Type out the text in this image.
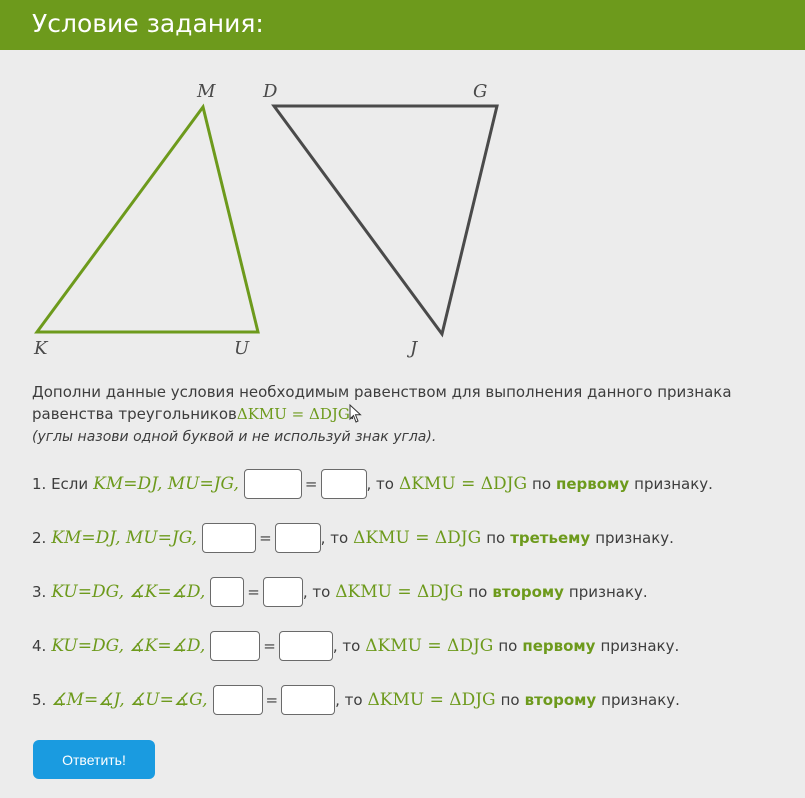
Условие задания:
M
K	U
D	G
J
Дополни данные условия необходимым равенством для выполнения данного признака равенства треугольниковΔKMU = ΔDJG
(углы назови одной буквой и не используй знак угла).
1. Если KM=DJ, MU=JG,	=	, то ΔKMU = ΔDJG по первому признаку.
2. KM=DJ, MU=JG,	=	, то ΔKMU = ΔDJG по третьему признаку.
3. KU=DG, ∡K=∡D,	=	, то ΔKMU = ΔDJG по второму признаку.
4. KU=DG, ∡K=∡D,	=	, то ΔKMU = ΔDJG по первому признаку.
5. ∡M=∡J, ∡U=∡G,	=	, то ΔKMU = ΔDJG по второму признаку.
Ответить!
